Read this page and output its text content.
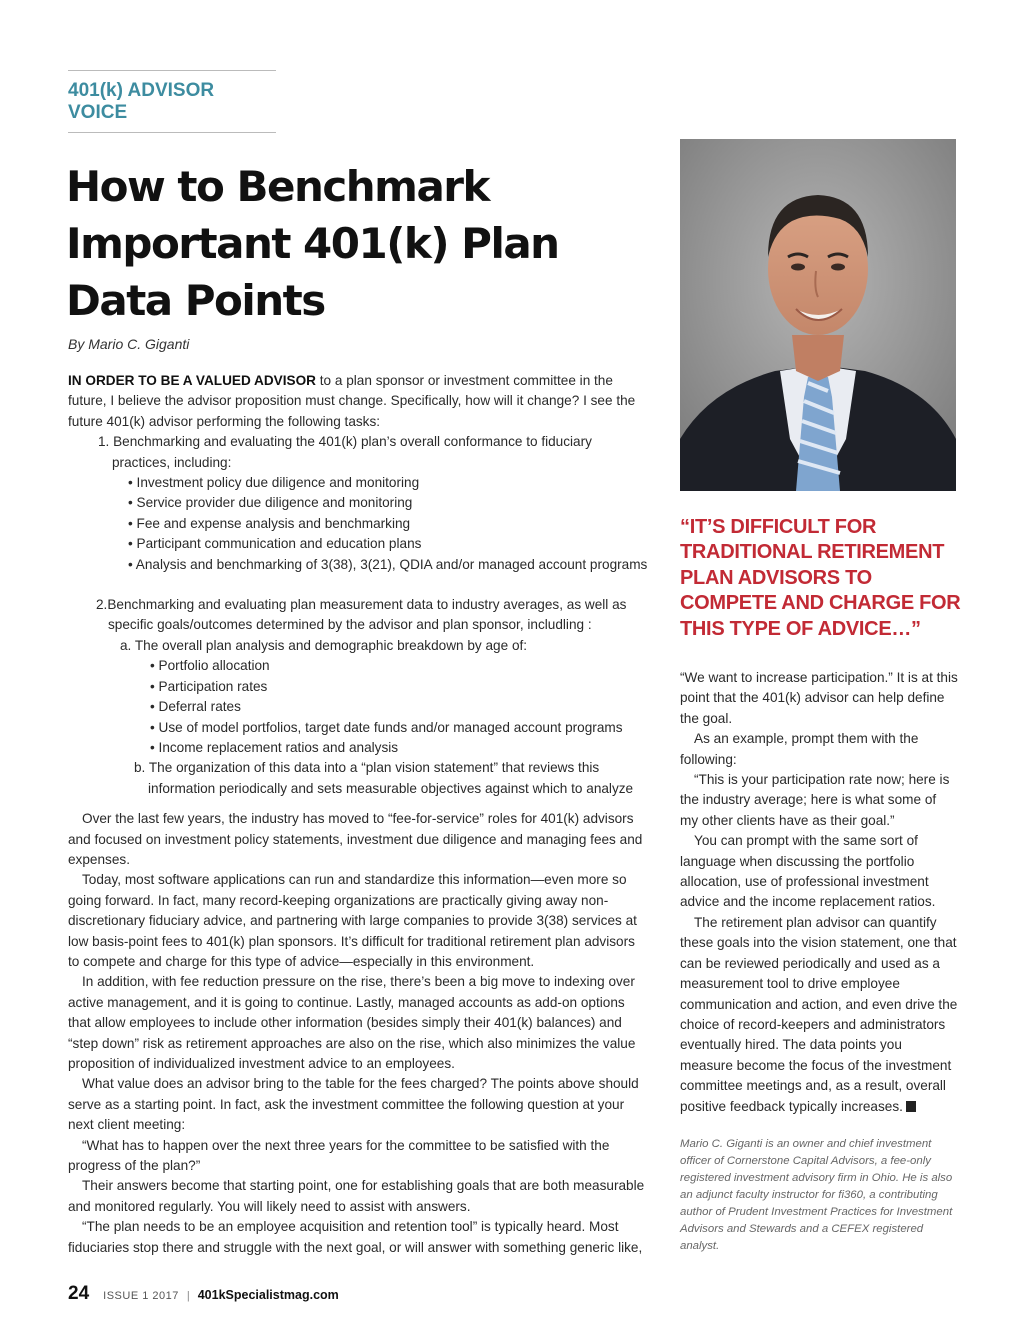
401(k) ADVISOR VOICE
How to Benchmark Important 401(k) Plan Data Points
By Mario C. Giganti

IN ORDER TO BE A VALUED ADVISOR to a plan sponsor or investment committee in the future, I believe the advisor proposition must change. Specifically, how will it change? I see the future 401(k) advisor performing the following tasks:

1. Benchmarking and evaluating the 401(k) plan’s overall conformance to fiduciary practices, including:

• Investment policy due diligence and monitoring

• Service provider due diligence and monitoring

• Fee and expense analysis and benchmarking

• Participant communication and education plans

• Analysis and benchmarking of 3(38), 3(21), QDIA and/or managed account programs

2.Benchmarking and evaluating plan measurement data to industry averages, as well as specific goals/outcomes determined by the advisor and plan sponsor, includling :

a. The overall plan analysis and demographic breakdown by age of:

• Portfolio allocation

• Participation rates

• Deferral rates

• Use of model portfolios, target date funds and/or managed account programs

• Income replacement ratios and analysis

b. The organization of this data into a “plan vision statement” that reviews this information periodically and sets measurable objectives against which to analyze

Over the last few years, the industry has moved to “fee-for-service” roles for 401(k) advisors and focused on investment policy statements, investment due diligence and managing fees and expenses.

Today, most software applications can run and standardize this information—even more so going forward. In fact, many record-keeping organizations are practically giving away non-discretionary fiduciary advice, and partnering with large companies to provide 3(38) services at low basis-point fees to 401(k) plan sponsors. It’s difficult for traditional retirement plan advisors to compete and charge for this type of advice—especially in this environment.

In addition, with fee reduction pressure on the rise, there’s been a big move to indexing over active management, and it is going to continue. Lastly, managed accounts as add-on options that allow employees to include other information (besides simply their 401(k) balances) and “step down” risk as retirement approaches are also on the rise, which also minimizes the value proposition of individualized investment advice to an employees.

What value does an advisor bring to the table for the fees charged? The points above should serve as a starting point. In fact, ask the investment committee the following question at your next client meeting:

“What has to happen over the next three years for the committee to be satisfied with the progress of the plan?”

Their answers become that starting point, one for establishing goals that are both measurable and monitored regularly. You will likely need to assist with answers.

“The plan needs to be an employee acquisition and retention tool” is typically heard. Most fiduciaries stop there and struggle with the next goal, or will answer with something generic like,

“IT’S DIFFICULT FOR TRADITIONAL RETIREMENT PLAN ADVISORS TO COMPETE AND CHARGE FOR THIS TYPE OF ADVICE…”

“We want to increase participation.” It is at this point that the 401(k) advisor can help define the goal.

As an example, prompt them with the following:

“This is your participation rate now; here is the industry average; here is what some of my other clients have as their goal.”

You can prompt with the same sort of language when discussing the portfolio allocation, use of professional investment advice and the income replacement ratios.

The retirement plan advisor can quantify these goals into the vision statement, one that can be reviewed periodically and used as a measurement tool to drive employee communication and action, and even drive the choice of record-keepers and administrators eventually hired. The data points you measure become the focus of the investment committee meetings and, as a result, overall positive feedback typically increases. K

Mario C. Giganti is an owner and chief investment officer of Cornerstone Capital Advisors, a fee-only registered investment advisory firm in Ohio. He is also an adjunct faculty instructor for fi360, a contributing author of Prudent Investment Practices for Investment Advisors and Stewards and a CEFEX registered analyst.

24 ISSUE 1 2017 | 401kSpecialistmag.com
